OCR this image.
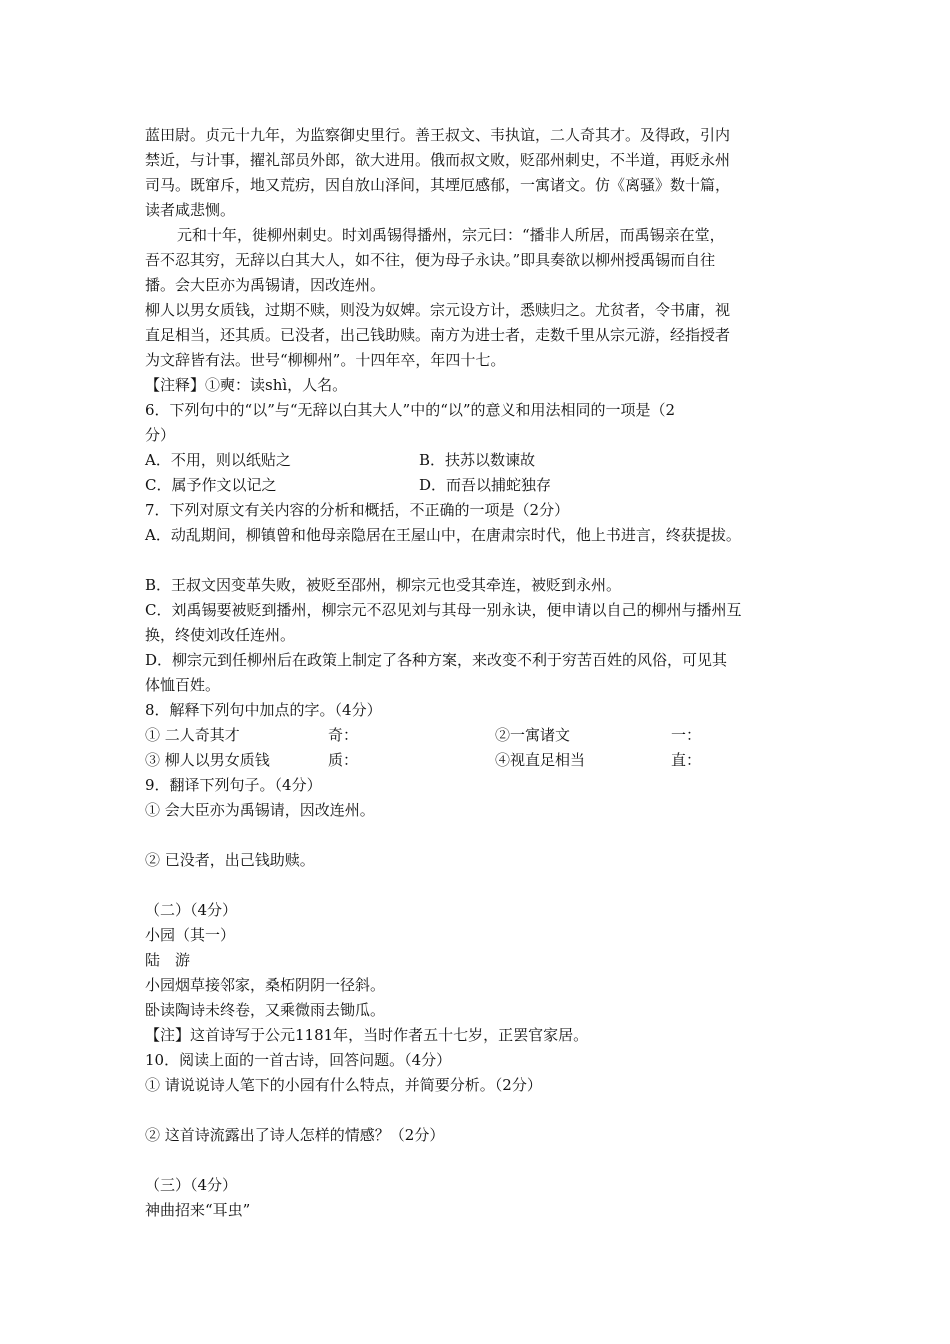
蓝田尉。贞元十九年，为监察御史里行。善王叔文、韦执谊，二人奇其才。及得政，引内
禁近，与计事，擢礼部员外郎，欲大进用。俄而叔文败，贬邵州刺史，不半道，再贬永州
司马。既窜斥，地又荒疠，因自放山泽间，其堙厄感郁，一寓诸文。仿《离骚》数十篇，
读者咸悲恻。
元和十年，徙柳州刺史。时刘禹锡得播州，宗元曰：“播非人所居，而禹锡亲在堂，
吾不忍其穷，无辞以白其大人，如不往，便为母子永诀。”即具奏欲以柳州授禹锡而自往
播。会大臣亦为禹锡请，因改连州。
柳人以男女质钱，过期不赎，则没为奴婢。宗元设方计，悉赎归之。尤贫者，令书庸，视
直足相当，还其质。已没者，出己钱助赎。南方为进士者，走数千里从宗元游，经指授者
为文辞皆有法。世号“柳柳州”。十四年卒，年四十七。
【注释】①奭：读shì，人名。
6．下列句中的“以”与“无辞以白其大人”中的“以”的意义和用法相同的一项是（2
分）
A．不用，则以纸贴之	B．扶苏以数谏故
C．属予作文以记之	D．而吾以捕蛇独存
7．下列对原文有关内容的分析和概括，不正确的一项是（2分）
A．动乱期间，柳镇曾和他母亲隐居在王屋山中，在唐肃宗时代，他上书进言，终获提拔。
B．王叔文因变革失败，被贬至邵州，柳宗元也受其牵连，被贬到永州。
C．刘禹锡要被贬到播州，柳宗元不忍见刘与其母一别永诀，便申请以自己的柳州与播州互
换，终使刘改任连州。
D．柳宗元到任柳州后在政策上制定了各种方案，来改变不利于穷苦百姓的风俗，可见其
体恤百姓。
8．解释下列句中加点的字。（4分）
① 二人奇其才	奇：	②一寓诸文	一：
③ 柳人以男女质钱	质：	④视直足相当	直：
9．翻译下列句子。（4分）
① 会大臣亦为禹锡请，因改连州。
② 已没者，出己钱助赎。
（二）（4分）
小园（其一）
陆　游
小园烟草接邻家，桑柘阴阴一径斜。
卧读陶诗未终卷，又乘微雨去锄瓜。
【注】这首诗写于公元1181年，当时作者五十七岁，正罢官家居。
10．阅读上面的一首古诗，回答问题。（4分）
① 请说说诗人笔下的小园有什么特点，并简要分析。（2分）
② 这首诗流露出了诗人怎样的情感？（2分）
（三）（4分）
神曲招来“耳虫”
